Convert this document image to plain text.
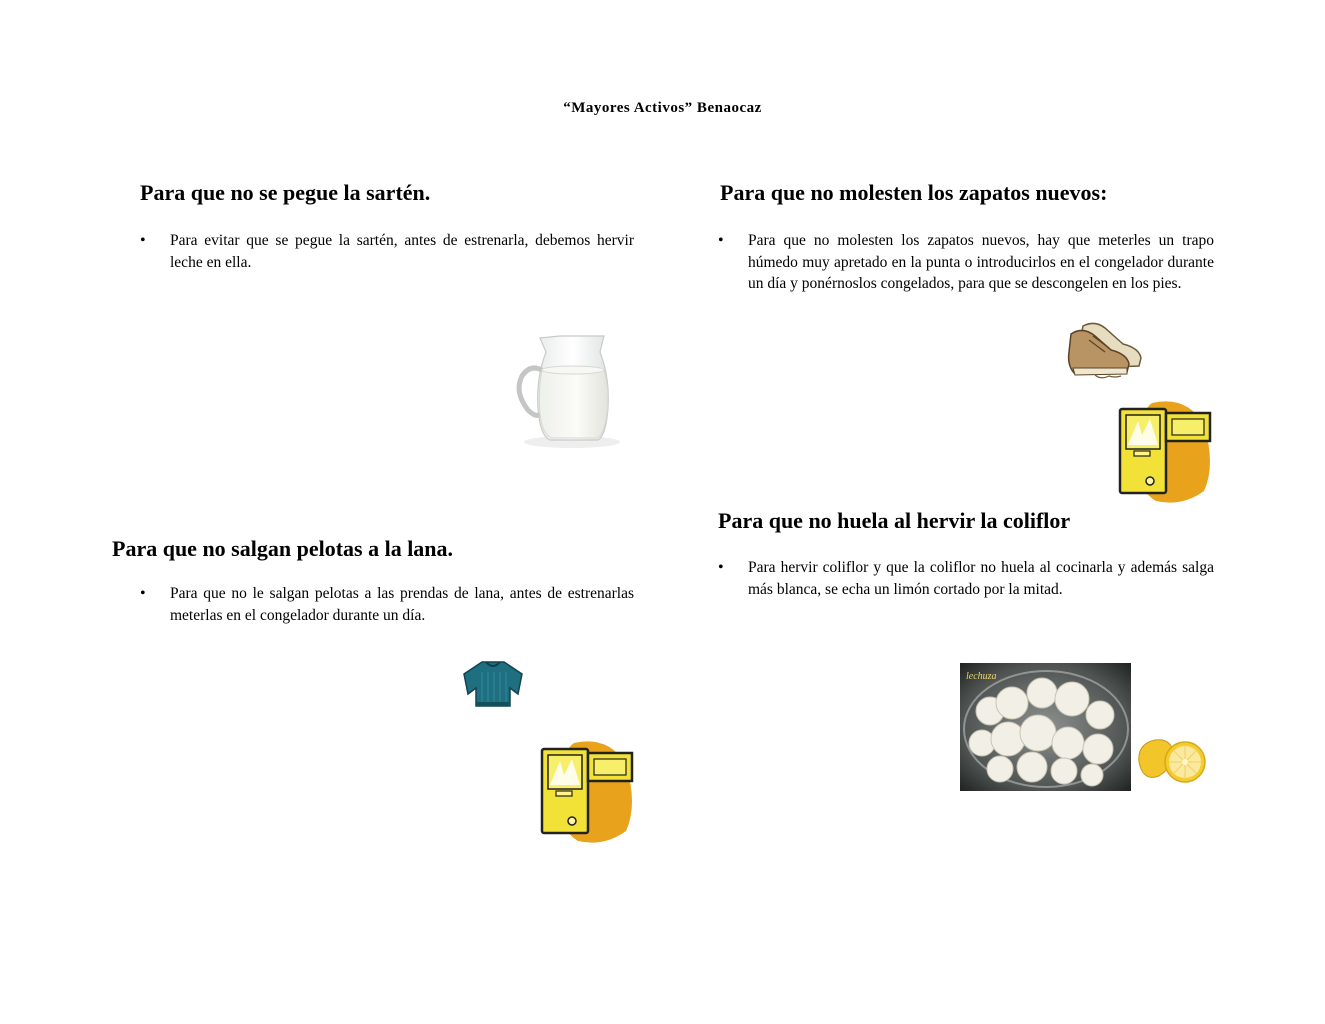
“Mayores Activos” Benaocaz
Para que no se pegue la sartén.
•	Para evitar que se pegue la sartén, antes de estrenarla, debemos hervir leche en ella.
Para que no molesten los zapatos nuevos:
•	Para que no molesten los zapatos nuevos, hay que meterles un trapo húmedo muy apretado en la punta o introducirlos en el congelador durante un día y ponérnoslos congelados, para que se descongelen en los pies.
Para que no salgan pelotas a la lana.
•	Para que no le salgan pelotas a las prendas de lana, antes de estrenarlas meterlas en el congelador durante un día.
Para que no huela al hervir la coliflor
•	Para hervir coliflor y que la coliflor no huela al cocinarla y además salga más blanca, se echa un limón cortado por la mitad.
lechuza
